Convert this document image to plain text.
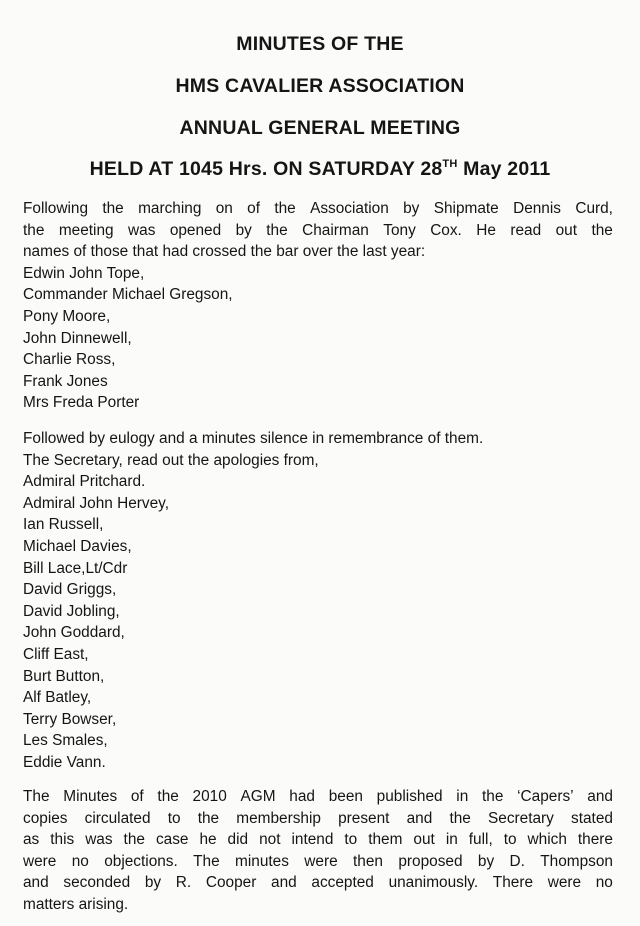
MINUTES OF THE
HMS CAVALIER ASSOCIATION
ANNUAL GENERAL MEETING
HELD AT 1045 Hrs. ON SATURDAY 28TH May 2011
Following the marching on of the Association by Shipmate Dennis Curd,
the meeting was opened by the Chairman Tony Cox. He read out the
names of those that had crossed the bar over the last year:
Edwin John Tope,
Commander Michael Gregson,
Pony Moore,
John Dinnewell,
Charlie Ross,
Frank Jones
Mrs Freda Porter
Followed by eulogy and a minutes silence in remembrance of them.
The Secretary, read out the apologies from,
Admiral Pritchard.
Admiral John Hervey,
Ian Russell,
Michael Davies,
Bill Lace,Lt/Cdr
David Griggs,
David Jobling,
John Goddard,
Cliff East,
Burt Button,
Alf Batley,
Terry Bowser,
Les Smales,
Eddie Vann.
The Minutes of the 2010 AGM had been published in the ‘Capers’ and
copies circulated to the membership present and the Secretary stated
as this was the case he did not intend to them out in full, to which there
were no objections. The minutes were then proposed by D. Thompson
and seconded by R. Cooper and accepted unanimously. There were no
matters arising.
